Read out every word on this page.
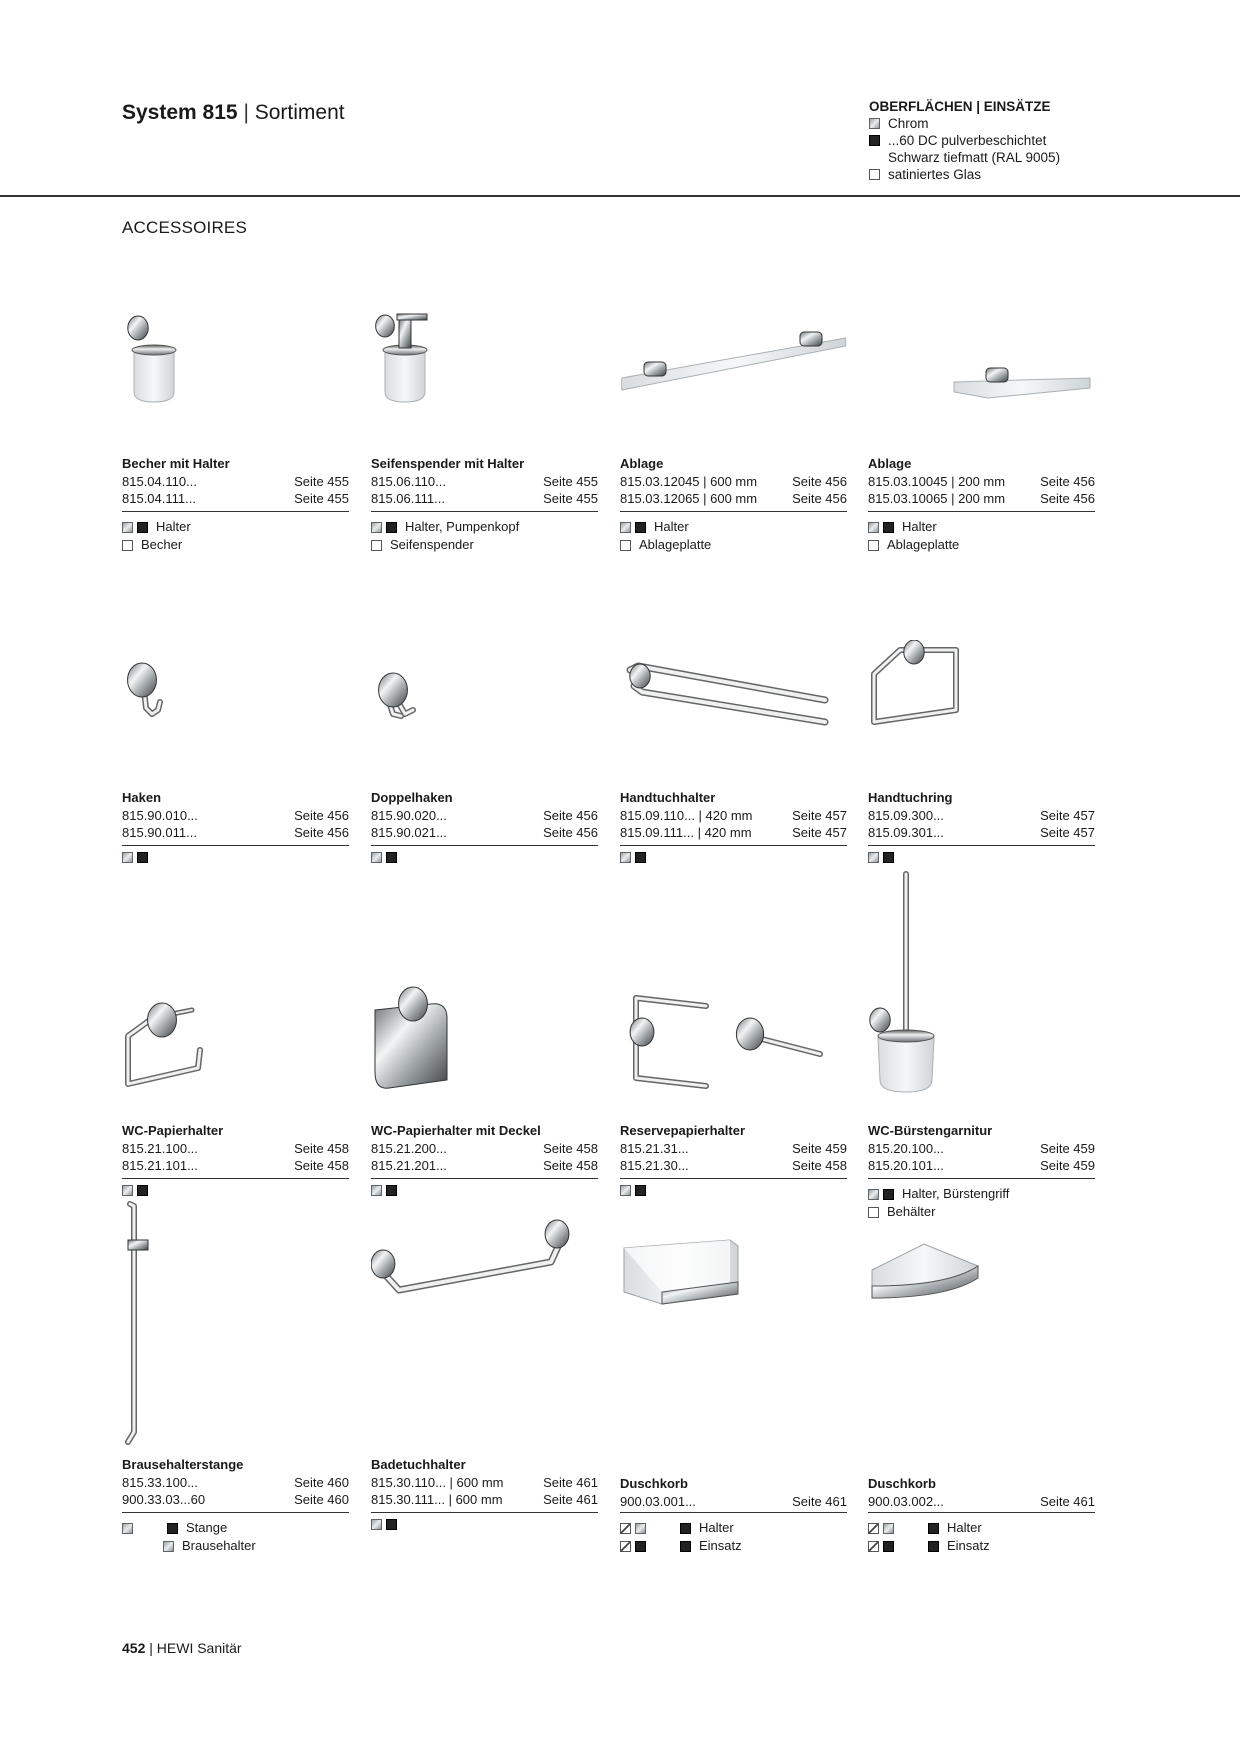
System 815 | Sortiment	OBERFLÄCHEN | EINSÄTZE
Chrom
...60 DC pulverbeschichtet
Schwarz tiefmatt (RAL 9005)
satiniertes Glas
ACCESSOIRES
Becher mit Halter
815.04.110...	Seite 455
815.04.111...	Seite 455
Halter
Becher
Seifenspender mit Halter
815.06.110...	Seite 455
815.06.111...	Seite 455
Halter, Pumpenkopf
Seifenspender
Ablage
815.03.12045 | 600 mm	Seite 456
815.03.12065 | 600 mm	Seite 456
Halter
Ablageplatte
Ablage
815.03.10045 | 200 mm	Seite 456
815.03.10065 | 200 mm	Seite 456
Halter
Ablageplatte
Haken
815.90.010...	Seite 456
815.90.011...	Seite 456
Doppelhaken
815.90.020...	Seite 456
815.90.021...	Seite 456
Handtuchhalter
815.09.110... | 420 mm	Seite 457
815.09.111... | 420 mm	Seite 457
Handtuchring
815.09.300...	Seite 457
815.09.301...	Seite 457
WC-Papierhalter
815.21.100...	Seite 458
815.21.101...	Seite 458
WC-Papierhalter mit Deckel
815.21.200...	Seite 458
815.21.201...	Seite 458
Reservepapierhalter
815.21.31...	Seite 459
815.21.30...	Seite 458
WC-Bürstengarnitur
815.20.100...	Seite 459
815.20.101...	Seite 459
Halter, Bürstengriff
Behälter
Brausehalterstange
815.33.100...	Seite 460
900.33.03...60	Seite 460
Stange
Brausehalter
Badetuchhalter
815.30.110... | 600 mm	Seite 461
815.30.111... | 600 mm	Seite 461
Duschkorb
900.03.001...	Seite 461
Halter
Einsatz
Duschkorb
900.03.002...	Seite 461
Halter
Einsatz
452 | HEWI Sanitär
